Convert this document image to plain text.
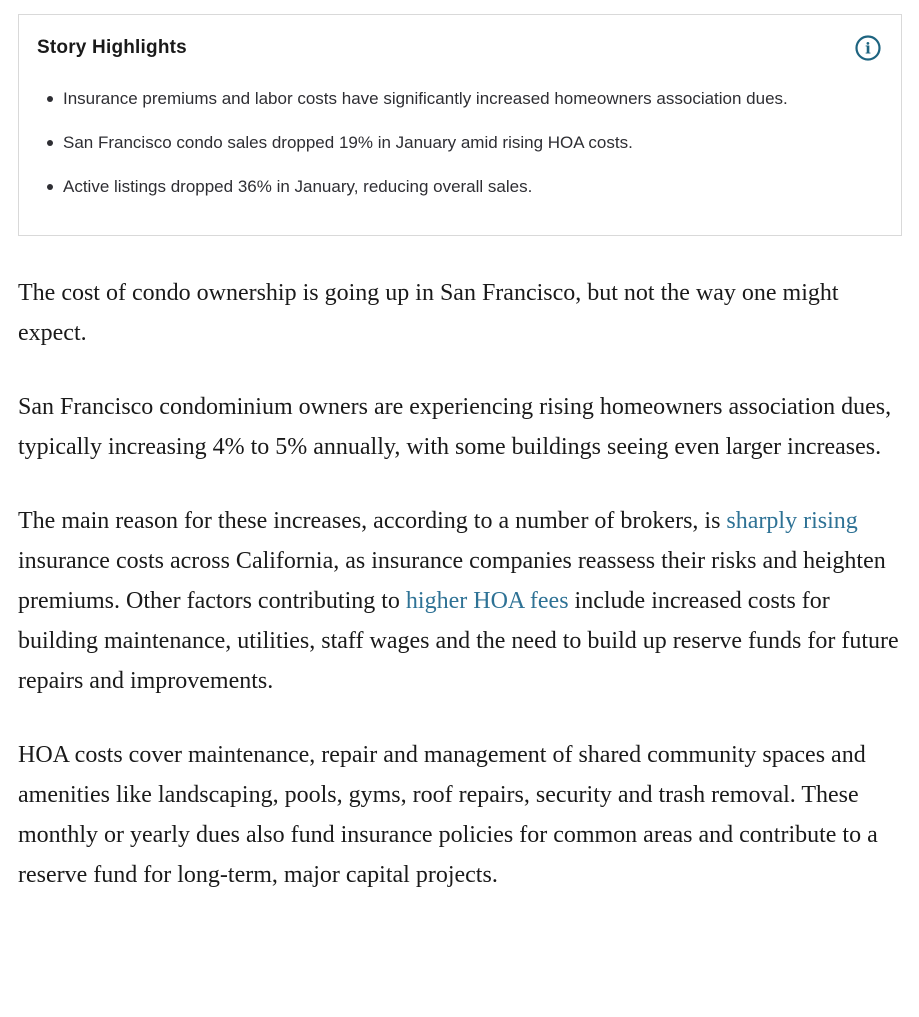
Story Highlights	i
Insurance premiums and labor costs have significantly increased homeowners association dues.
San Francisco condo sales dropped 19% in January amid rising HOA costs.
Active listings dropped 36% in January, reducing overall sales.

The cost of condo ownership is going up in San Francisco, but not the way one might expect.

San Francisco condominium owners are experiencing rising homeowners association dues, typically increasing 4% to 5% annually, with some buildings seeing even larger increases.

The main reason for these increases, according to a number of brokers, is sharply rising insurance costs across California, as insurance companies reassess their risks and heighten premiums. Other factors contributing to higher HOA fees include increased costs for building maintenance, utilities, staff wages and the need to build up reserve funds for future repairs and improvements.

HOA costs cover maintenance, repair and management of shared community spaces and amenities like landscaping, pools, gyms, roof repairs, security and trash removal. These monthly or yearly dues also fund insurance policies for common areas and contribute to a reserve fund for long-term, major capital projects.
